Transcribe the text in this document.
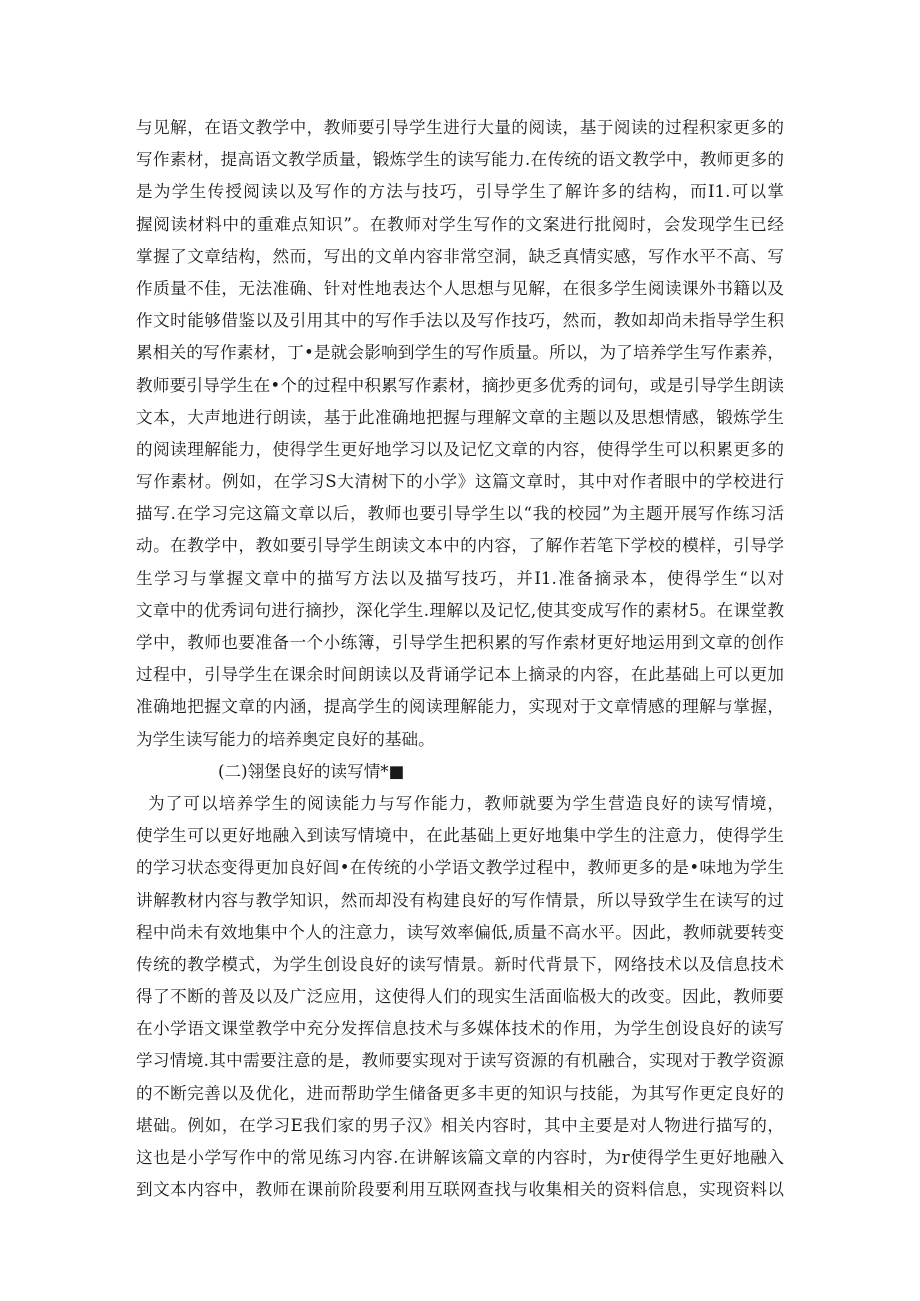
与见解，在语文教学中，教师要引导学生进行大量的阅读，基于阅读的过程积家更多的
写作素材，提高语文教学质量，锻炼学生的读写能力.在传统的语文教学中，教师更多的
是为学生传授阅读以及写作的方法与技巧，引导学生了解许多的结构，而I1.可以掌
握阅读材料中的重难点知识”。在教师对学生写作的文案进行批阅时，会发现学生已经
掌握了文章结构，然而，写出的文单内容非常空洞，缺乏真情实感，写作水平不高、写
作质量不佳，无法准确、针对性地表达个人思想与见解，在很多学生阅读课外书籍以及
作文时能够借鉴以及引用其中的写作手法以及写作技巧，然而，教如却尚未指导学生积
累相关的写作素材，丁•是就会影响到学生的写作质量。所以，为了培养学生写作素养，
教师要引导学生在•个的过程中积累写作素材，摘抄更多优秀的词句，或是引导学生朗读
文本，大声地进行朗读，基于此准确地把握与理解文章的主题以及思想情感，锻炼学生
的阅读理解能力，使得学生更好地学习以及记忆文章的内容，使得学生可以积累更多的
写作素材。例如，在学习S大清树下的小学》这篇文章时，其中对作者眼中的学校进行
描写.在学习完这篇文章以后，教师也要引导学生以“我的校园”为主题开展写作练习活
动。在教学中，教如要引导学生朗读文本中的内容，了解作若笔下学校的模样，引导学
生学习与掌握文章中的描写方法以及描写技巧，并I1.准备摘录本，使得学生“以对
文章中的优秀词句进行摘抄，深化学生.理解以及记忆,使其变成写作的素材5。在课堂教
学中，教师也要准备一个小练簿，引导学生把积累的写作索材更好地运用到文章的创作
过程中，引导学生在课余时间朗读以及背诵学记本上摘录的内容，在此基础上可以更加
准确地把握文章的内涵，提高学生的阅读理解能力，实现对于文章情感的理解与掌握，
为学生读写能力的培养奥定良好的基础。
(二)翎堡良好的读写情*■
为了可以培养学生的阅读能力与写作能力，教师就要为学生营造良好的读写情境，
使学生可以更好地融入到读写情境中，在此基础上更好地集中学生的注意力，使得学生
的学习状态变得更加良好闾•在传统的小学语文教学过程中，教师更多的是•味地为学生
讲解教材内容与教学知识，然而却没有构建良好的写作情景，所以导致学生在读写的过
程中尚未有效地集中个人的注意力，读写效率偏低,质量不高水平。因此，教师就要转变
传统的教学模式，为学生创设良好的读写情景。新时代背景下，网络技术以及信息技术
得了不断的普及以及广泛应用，这使得人们的现实生活面临极大的改变。因此，教师要
在小学语文课堂教学中充分发挥信息技术与多媒体技术的作用，为学生创设良好的读写
学习情境.其中需要注意的是，教师要实现对于读写资源的有机融合，实现对于教学资源
的不断完善以及优化，进而帮助学生储备更多丰更的知识与技能，为其写作更定良好的
堪础。例如，在学习E我们家的男子汉》相关内容时，其中主要是对人物进行描写的，
这也是小学写作中的常见练习内容.在讲解该篇文章的内容时，为r使得学生更好地融入
到文本内容中，教师在课前阶段要利用互联网查找与收集相关的资料信息，实现资料以
